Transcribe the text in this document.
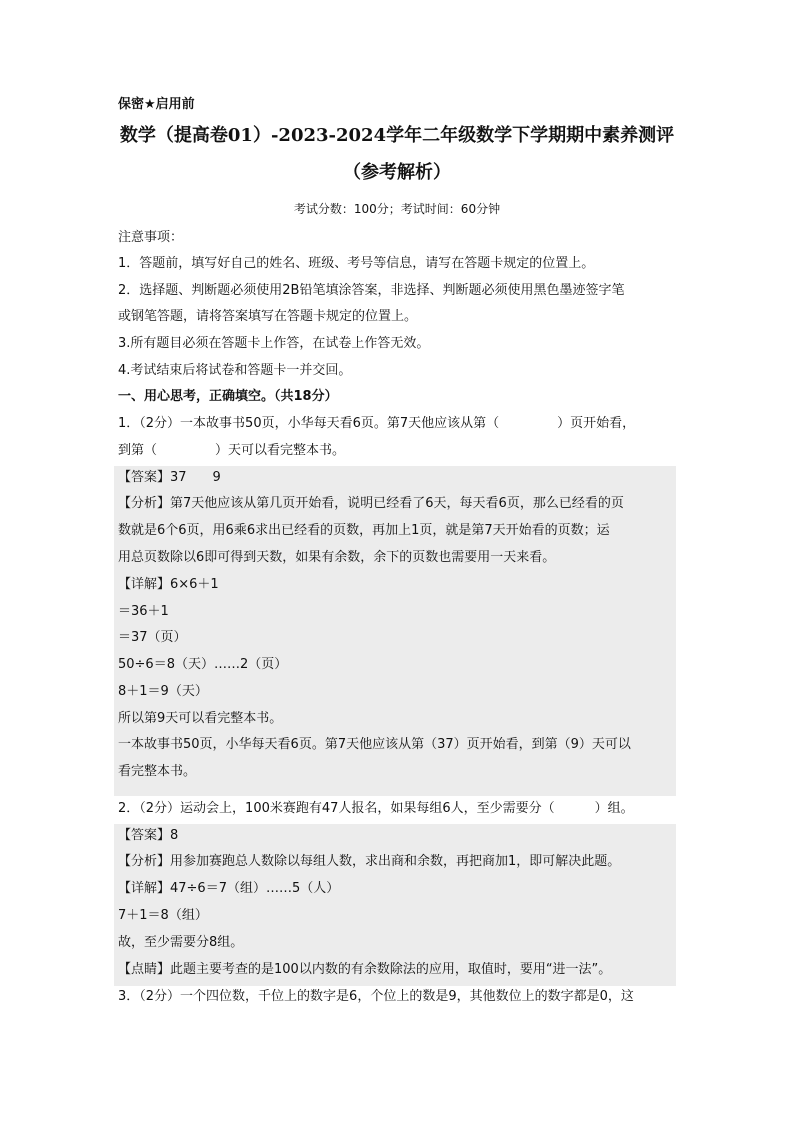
保密★启用前
数学（提高卷01）-2023-2024学年二年级数学下学期期中素养测评
（参考解析）
考试分数：100分；考试时间：60分钟
注意事项：
1．答题前，填写好自己的姓名、班级、考号等信息，请写在答题卡规定的位置上。
2．选择题、判断题必须使用2B铅笔填涂答案，非选择、判断题必须使用黑色墨迹签字笔
或钢笔答题，请将答案填写在答题卡规定的位置上。
3.所有题目必须在答题卡上作答，在试卷上作答无效。
4.考试结束后将试卷和答题卡一并交回。
一、用心思考，正确填空。（共18分）
1．（2分）一本故事书50页，小华每天看6页。第7天他应该从第（	）页开始看，
到第（	）天可以看完整本书。
【答案】37　　9
【分析】第7天他应该从第几页开始看，说明已经看了6天，每天看6页，那么已经看的页
数就是6个6页，用6乘6求出已经看的页数，再加上1页，就是第7天开始看的页数；运
用总页数除以6即可得到天数，如果有余数，余下的页数也需要用一天来看。
【详解】6×6＋1
＝36＋1
＝37（页）
50÷6＝8（天）……2（页）
8＋1＝9（天）
所以第9天可以看完整本书。
一本故事书50页，小华每天看6页。第7天他应该从第（37）页开始看，到第（9）天可以
看完整本书。
2．（2分）运动会上，100米赛跑有47人报名，如果每组6人，至少需要分（	）组。
【答案】8
【分析】用参加赛跑总人数除以每组人数，求出商和余数，再把商加1，即可解决此题。
【详解】47÷6＝7（组）……5（人）
7＋1＝8（组）
故，至少需要分8组。
【点睛】此题主要考查的是100以内数的有余数除法的应用，取值时，要用“进一法”。
3．（2分）一个四位数，千位上的数字是6，个位上的数是9，其他数位上的数字都是0，这
